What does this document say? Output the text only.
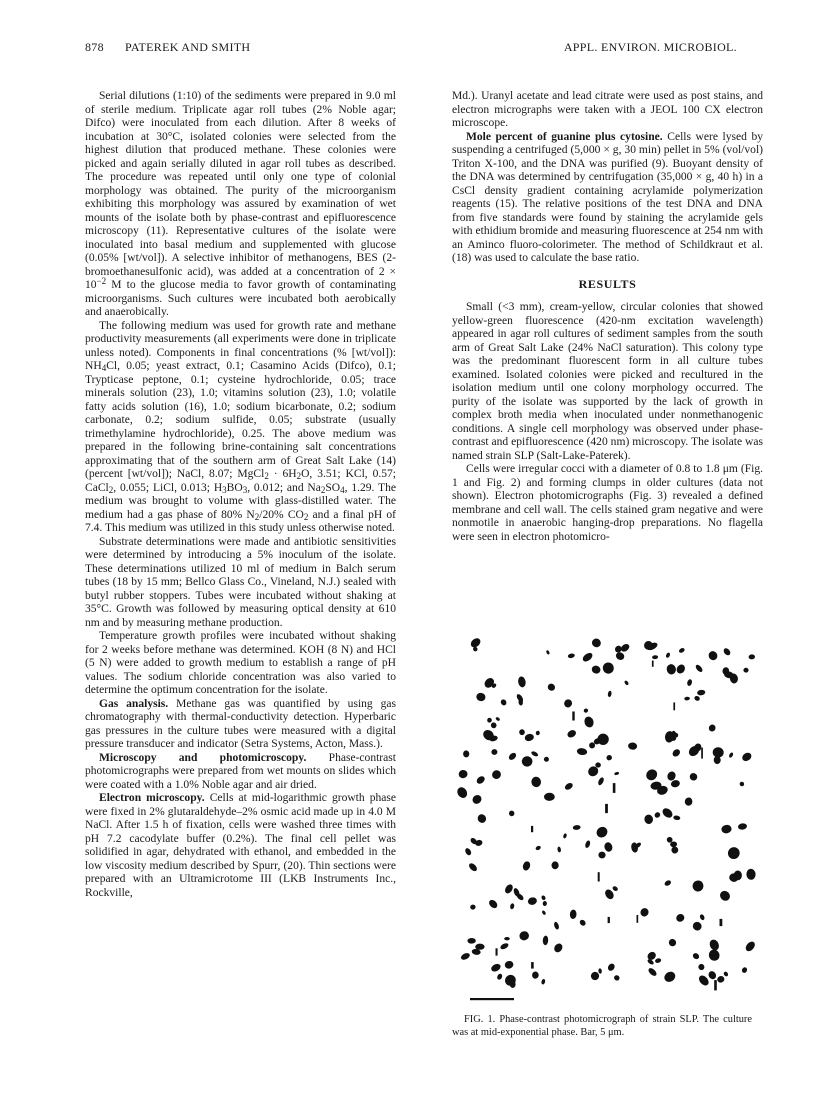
878 PATEREK AND SMITH	APPL. ENVIRON. MICROBIOL.

Serial dilutions (1:10) of the sediments were prepared in 9.0 ml of sterile medium. Triplicate agar roll tubes (2% Noble agar; Difco) were inoculated from each dilution. After 8 weeks of incubation at 30°C, isolated colonies were selected from the highest dilution that produced methane. These colonies were picked and again serially diluted in agar roll tubes as described. The procedure was repeated until only one type of colonial morphology was obtained. The purity of the microorganism exhibiting this morphology was assured by examination of wet mounts of the isolate both by phase-contrast and epifluorescence microscopy (11). Representative cultures of the isolate were inoculated into basal medium and supplemented with glucose (0.05% [wt/vol]). A selective inhibitor of methanogens, BES (2-bromoethanesulfonic acid), was added at a concentration of $2 \times 10^{-2}$ M to the glucose media to favor growth of contaminating microorganisms. Such cultures were incubated both aerobically and anaerobically.

The following medium was used for growth rate and methane productivity measurements (all experiments were done in triplicate unless noted). Components in final concentrations (% [wt/vol]): $NH_4Cl$, 0.05; yeast extract, 0.1; Casamino Acids (Difco), 0.1; Trypticase peptone, 0.1; cysteine hydrochloride, 0.05; trace minerals solution (23), 1.0; vitamins solution (23), 1.0; volatile fatty acids solution (16), 1.0; sodium bicarbonate, 0.2; sodium carbonate, 0.2; sodium sulfide, 0.05; substrate (usually trimethylamine hydrochloride), 0.25. The above medium was prepared in the following brine-containing salt concentrations approximating that of the southern arm of Great Salt Lake (14) (percent [wt/vol]); NaCl, 8.07; MgCl$_2$ · $6H_2O$, 3.51; KCl, 0.57; CaCl$_2$, 0.055; LiCl, 0.013; $H_3BO_3$, 0.012; and $Na_2SO_4$, 1.29. The medium was brought to volume with glass-distilled water. The medium had a gas phase of 80% $N_2/20\%$ $CO_2$ and a final pH of 7.4. This medium was utilized in this study unless otherwise noted.

Substrate determinations were made and antibiotic sensitivities were determined by introducing a 5% inoculum of the isolate. These determinations utilized 10 ml of medium in Balch serum tubes (18 by 15 mm; Bellco Glass Co., Vineland, N.J.) sealed with butyl rubber stoppers. Tubes were incubated without shaking at 35°C. Growth was followed by measuring optical density at 610 nm and by measuring methane production.

Temperature growth profiles were incubated without shaking for 2 weeks before methane was determined. KOH (8 N) and HCl (5 N) were added to growth medium to establish a range of pH values. The sodium chloride concentration was also varied to determine the optimum concentration for the isolate.

Gas analysis. Methane gas was quantified by using gas chromatography with thermal-conductivity detection. Hyperbaric gas pressures in the culture tubes were measured with a digital pressure transducer and indicator (Setra Systems, Acton, Mass.).

Microscopy and photomicroscopy. Phase-contrast photomicrographs were prepared from wet mounts on slides which were coated with a 1.0% Noble agar and air dried.

Electron microscopy. Cells at mid-logarithmic growth phase were fixed in 2% glutaraldehyde–2% osmic acid made up in 4.0 M NaCl. After 1.5 h of fixation, cells were washed three times with pH 7.2 cacodylate buffer (0.2%). The final cell pellet was solidified in agar, dehydrated with ethanol, and embedded in the low viscosity medium described by Spurr, (20). Thin sections were prepared with an Ultramicrotome III (LKB Instruments Inc., Rockville,

Md.). Uranyl acetate and lead citrate were used as post stains, and electron micrographs were taken with a JEOL 100 CX electron microscope.

Mole percent of guanine plus cytosine. Cells were lysed by suspending a centrifuged (5,000 × g, 30 min) pellet in 5% (vol/vol) Triton X-100, and the DNA was purified (9). Buoyant density of the DNA was determined by centrifugation (35,000 × g, 40 h) in a CsCl density gradient containing acrylamide polymerization reagents (15). The relative positions of the test DNA and DNA from five standards were found by staining the acrylamide gels with ethidium bromide and measuring fluorescence at 254 nm with an Aminco fluoro-colorimeter. The method of Schildkraut et al. (18) was used to calculate the base ratio.

RESULTS

Small (<3 mm), cream-yellow, circular colonies that showed yellow-green fluorescence (420-nm excitation wavelength) appeared in agar roll cultures of sediment samples from the south arm of Great Salt Lake (24% NaCl saturation). This colony type was the predominant fluorescent form in all culture tubes examined. Isolated colonies were picked and recultured in the isolation medium until one colony morphology occurred. The purity of the isolate was supported by the lack of growth in complex broth media when inoculated under nonmethanogenic conditions. A single cell morphology was observed under phase-contrast and epifluorescence (420 nm) microscopy. The isolate was named strain SLP (Salt-Lake-Paterek).

Cells were irregular cocci with a diameter of 0.8 to 1.8 μm (Fig. 1 and Fig. 2) and forming clumps in older cultures (data not shown). Electron photomicrographs (Fig. 3) revealed a defined membrane and cell wall. The cells stained gram negative and were nonmotile in anaerobic hanging-drop preparations. No flagella were seen in electron photomicro-

FIG. 1. Phase-contrast photomicrograph of strain SLP. The culture was at mid-exponential phase. Bar, 5 μm.
